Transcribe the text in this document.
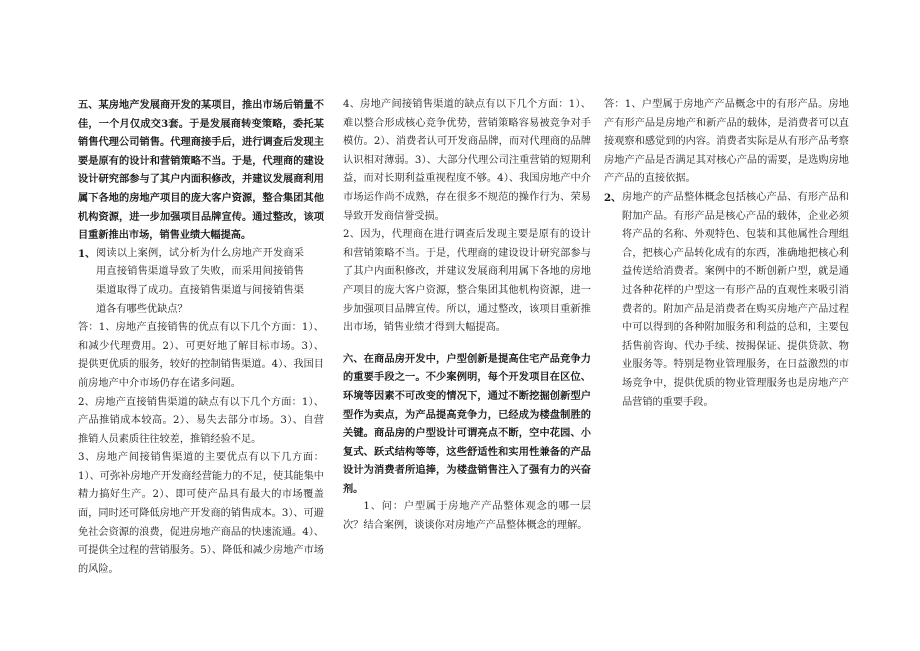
五、某房地产发展商开发的某项目，推出市场后销量不佳，一个月仅成交3套。于是发展商转变策略，委托某销售代理公司销售。代理商接手后，进行调查后发现主要是原有的设计和营销策略不当。于是，代理商的建设设计研究部参与了其户内面积修改，并建议发展商利用属下各地的房地产项目的庞大客户资源，整合集团其他机构资源，进一步加强项目品牌宣传。通过整改，该项目重新推出市场，销售业绩大幅提高。

1、 阅读以上案例，试分析为什么房地产开发商采用直接销售渠道导致了失败，而采用间接销售渠道取得了成功。直接销售渠道与间接销售渠道各有哪些优缺点？

答：1、房地产直接销售的优点有以下几个方面：1）、和减少代理费用。2）、可更好地了解目标市场。3）、提供更优质的服务，较好的控制销售渠道。4）、我国目前房地产中介市场仍存在诸多问题。

2、房地产直接销售渠道的缺点有以下几个方面：1）、产品推销成本较高。2）、易失去部分市场。3）、自营推销人员素质往往较差，推销经验不足。

3、房地产间接销售渠道的主要优点有以下几方面：1）、可弥补房地产开发商经营能力的不足，使其能集中精力搞好生产。2）、即可使产品具有最大的市场覆盖面，同时还可降低房地产开发商的销售成本。3）、可避免社会资源的浪费，促进房地产商品的快速流通。4）、可提供全过程的营销服务。5）、降低和减少房地产市场的风险。

4、房地产间接销售渠道的缺点有以下几个方面：1）、难以整合形成核心竞争优势，营销策略容易被竞争对手模仿。2）、消费者认可开发商品牌，而对代理商的品牌认识相对薄弱。3）、大部分代理公司注重营销的短期利益，而对长期利益重视程度不够。4）、我国房地产中介市场运作尚不成熟，存在很多不规范的操作行为、荣易导致开发商信誉受损。

2、因为，代理商在进行调查后发现主要是原有的设计和营销策略不当。于是，代理商的建设设计研究部参与了其户内面积修改，并建议发展商利用属下各地的房地产项目的庞大客户资源，整合集团其他机构资源，进一步加强项目品牌宣传。所以，通过整改，该项目重新推出市场，销售业绩才得到大幅提高。

六、在商品房开发中，户型创新是提高住宅产品竞争力的重要手段之一。不少案例明，每个开发项目在区位、环境等因素不可改变的情况下，通过不断挖掘创新型户型作为卖点，为产品提高竞争力，已经成为楼盘制胜的关键。商品房的户型设计可谓亮点不断，空中花园、小复式、跃式结构等等，这些舒适性和实用性兼备的产品设计为消费者所追捧，为楼盘销售注入了强有力的兴奋剂。

1、问：户型属于房地产产品整体观念的哪一层次？结合案例，谈谈你对房地产产品整体概念的理解。

答：1、户型属于房地产产品概念中的有形产品。房地产有形产品是房地产和新产品的载体，是消费者可以直接观察和感觉到的内容。消费者实际是从有形产品考察房地产产品是否满足其对核心产品的需要，是选购房地产产品的直接依据。

2、 房地产的产品整体概念包括核心产品、有形产品和附加产品。有形产品是核心产品的载体，企业必须将产品的名称、外观特色、包装和其他属性合理组合，把核心产品转化成有的东西，准确地把核心利益传送给消费者。案例中的不断创新户型，就是通过各种花样的户型这一有形产品的直观性来吸引消费者的。附加产品是消费者在购买房地产产品过程中可以得到的各种附加服务和利益的总和，主要包括售前咨询、代办手续、按揭保证、提供贷款、物业服务等。特别是物业管理服务，在日益激烈的市场竞争中，提供优质的物业管理服务也是房地产产品营销的重要手段。
